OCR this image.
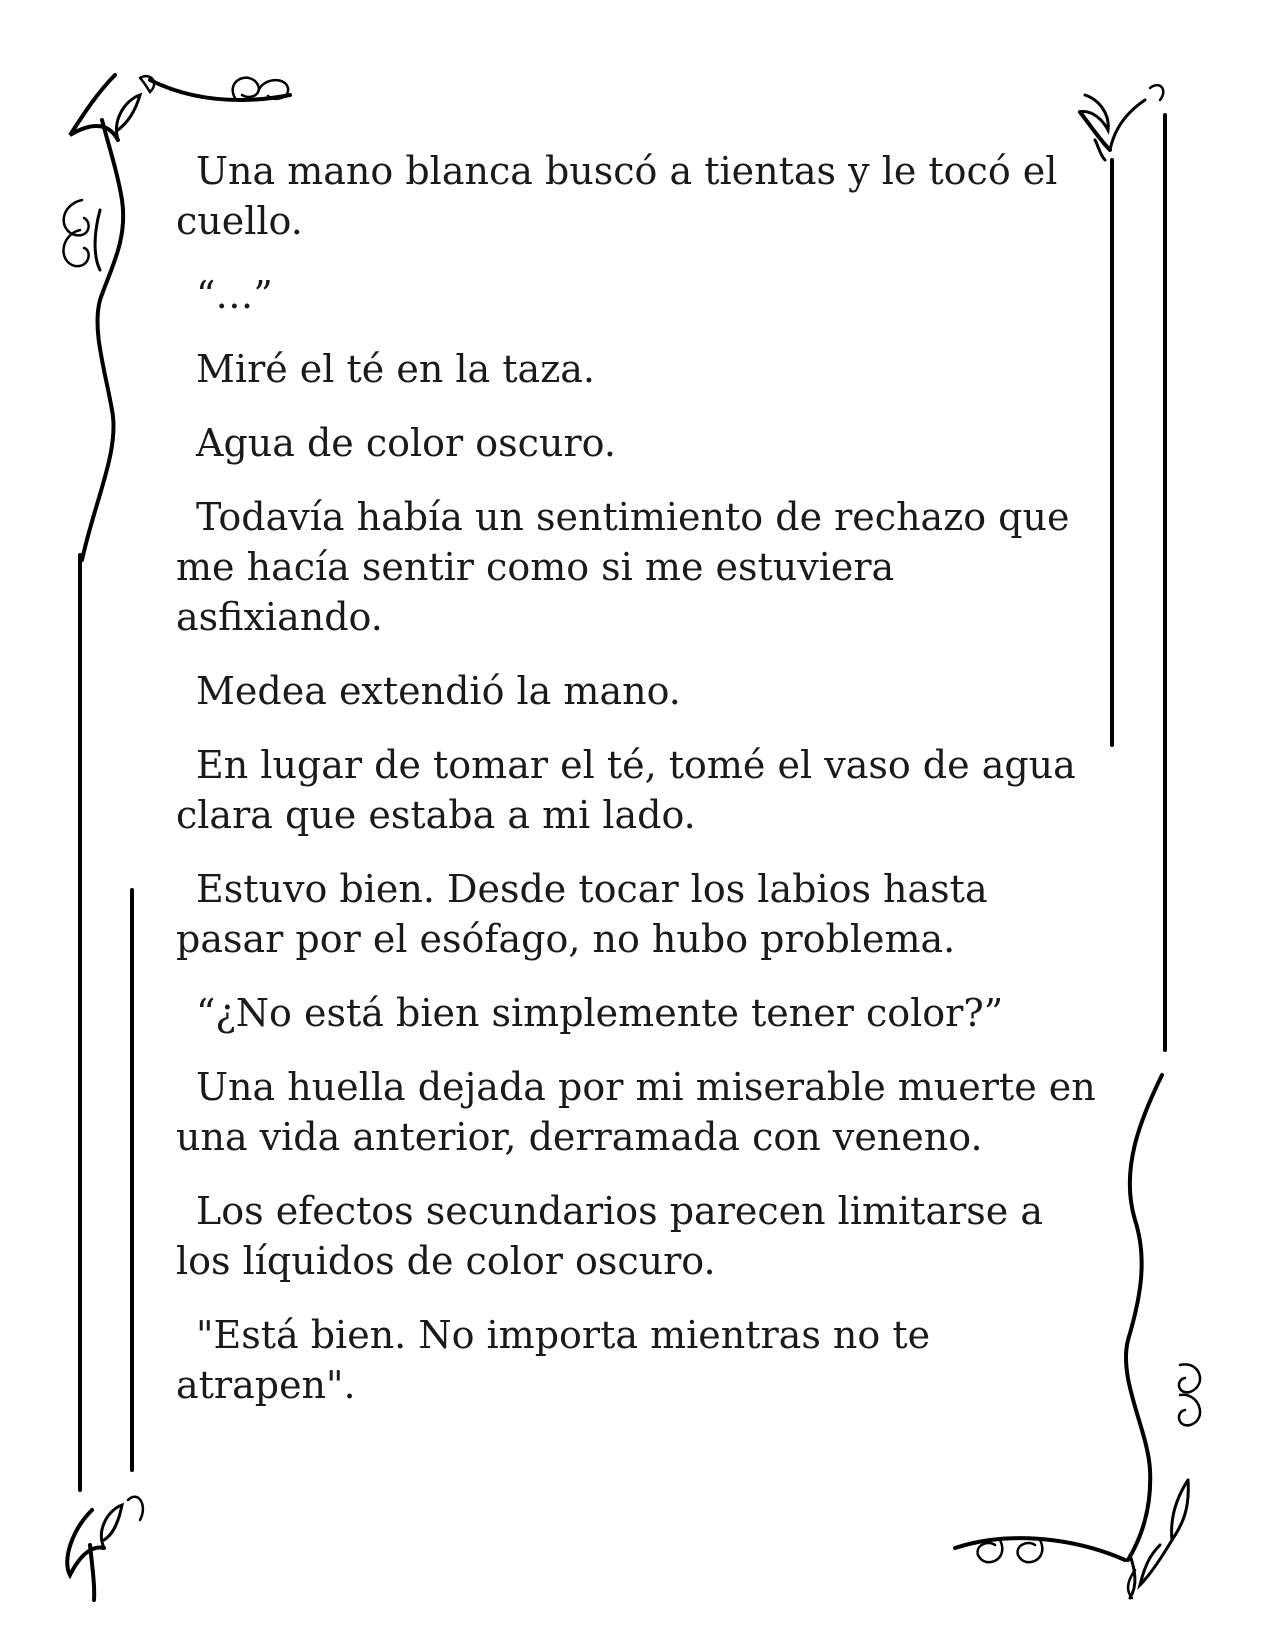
Una mano blanca buscó a tientas y le tocó el cuello.

“…”

Miré el té en la taza.

Agua de color oscuro.

Todavía había un sentimiento de rechazo que me hacía sentir como si me estuviera asfixiando.

Medea extendió la mano.

En lugar de tomar el té, tomé el vaso de agua clara que estaba a mi lado.

Estuvo bien. Desde tocar los labios hasta pasar por el esófago, no hubo problema.

“¿No está bien simplemente tener color?”

Una huella dejada por mi miserable muerte en una vida anterior, derramada con veneno.

Los efectos secundarios parecen limitarse a los líquidos de color oscuro.

"Está bien. No importa mientras no te atrapen".
